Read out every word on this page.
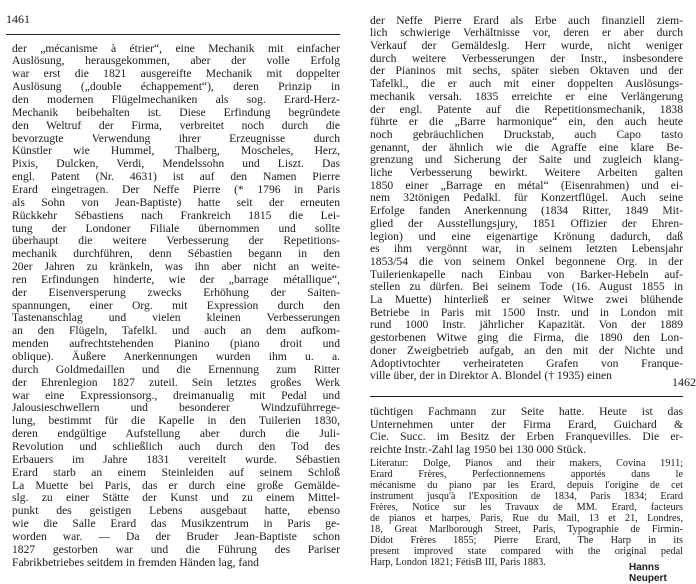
1461
der „mécanisme à étrier“, eine Mechanik mit einfacher
Auslösung, herausgekommen, aber der volle Erfolg
war erst die 1821 ausgereifte Mechanik mit doppelter
Auslösung („double échappement“), deren Prinzip in
den modernen Flügelmechaniken als sog. Erard-Herz-
Mechanik beibehalten ist. Diese Erfindung begründete
den Weltruf der Firma, verbreitet noch durch die
bevorzugte Verwendung ihrer Erzeugnisse durch
Künstler wie Hummel, Thalberg, Moscheles, Herz,
Pixis, Dulcken, Verdi, Mendelssohn und Liszt. Das
engl. Patent (Nr. 4631) ist auf den Namen Pierre
Erard eingetragen. Der Neffe Pierre (* 1796 in Paris
als Sohn von Jean-Baptiste) hatte seit der erneuten
Rückkehr Sébastiens nach Frankreich 1815 die Lei-
tung der Londoner Filiale übernommen und sollte
überhaupt die weitere Verbesserung der Repetitions-
mechanik durchführen, denn Sébastien begann in den
20er Jahren zu kränkeln, was ihn aber nicht an weite-
ren Erfindungen hinderte, wie der „barrage métallique“,
der Eisenversperung zwecks Erhöhung der Saiten-
spannungen, einer Org. mit Expression durch den
Tastenanschlag und vielen kleinen Verbesserungen
an den Flügeln, Tafelkl. und auch an dem aufkom-
menden aufrechtstehenden Pianino (piano droit und
oblique). Äußere Anerkennungen wurden ihm u. a.
durch Goldmedaillen und die Ernennung zum Ritter
der Ehrenlegion 1827 zuteil. Sein letztes großes Werk
war eine Expressionsorg., dreimanualig mit Pedal und
Jalousieschwellern und besonderer Windzuführrege-
lung, bestimmt für die Kapelle in den Tuilerien 1830,
deren endgültige Aufstellung aber durch die Juli-
Revolution und schließlich auch durch den Tod des
Erbauers im Jahre 1831 vereitelt wurde. Sébastien
Erard starb an einem Steinleiden auf seinem Schloß
La Muette bei Paris, das er durch eine große Gemälde-
slg. zu einer Stätte der Kunst und zu einem Mittel-
punkt des geistigen Lebens ausgebaut hatte, ebenso
wie die Salle Erard das Musikzentrum in Paris ge-
worden war. — Da der Bruder Jean-Baptiste schon
1827 gestorben war und die Führung des Pariser
Fabrikbetriebes seitdem in fremden Händen lag, fand
der Neffe Pierre Erard als Erbe auch finanziell ziem-
lich schwierige Verhältnisse vor, deren er aber durch
Verkauf der Gemäldeslg. Herr wurde, nicht weniger
durch weitere Verbesserungen der Instr., insbesondere
der Pianinos mit sechs, später sieben Oktaven und der
Tafelkl., die er auch mit einer doppelten Auslösungs-
mechanik versah. 1835 erreichte er eine Verlängerung
der engl. Patente auf die Repetitionsmechanik, 1838
führte er die „Barre harmonique“ ein, den auch heute
noch gebräuchlichen Druckstab, auch Capo tasto
genannt, der ähnlich wie die Agraffe eine klare Be-
grenzung und Sicherung der Saite und zugleich klang-
liche Verbesserung bewirkt. Weitere Arbeiten galten
1850 einer „Barrage en métal“ (Eisenrahmen) und ei-
nem 32tönigen Pedalkl. für Konzertflügel. Auch seine
Erfolge fanden Anerkennung (1834 Ritter, 1849 Mit-
glied der Ausstellungsjury, 1851 Offizier der Ehren-
legion) und eine eigenartige Krönung dadurch, daß
es ihm vergönnt war, in seinem letzten Lebensjahr
1853/54 die von seinem Onkel begonnene Org. in der
Tuilerienkapelle nach Einbau von Barker-Hebeln auf-
stellen zu dürfen. Bei seinem Tode (16. August 1855 in
La Muette) hinterließ er seiner Witwe zwei blühende
Betriebe in Paris mit 1500 Instr. und in London mit
rund 1000 Instr. jährlicher Kapazität. Von der 1889
gestorbenen Witwe ging die Firma, die 1890 den Lon-
doner Zweigbetrieb aufgab, an den mit der Nichte und
Adoptivtochter verheirateten Grafen von Franque-
ville über, der in Direktor A. Blondel († 1935) einen	1462
tüchtigen Fachmann zur Seite hatte. Heute ist das
Unternehmen unter der Firma Erard, Guichard &
Cie. Succ. im Besitz der Erben Franquevilles. Die er-
reichte Instr.-Zahl lag 1950 bei 130 000 Stück.
Literatur: Dolge, Pianos and their makers, Covina 1911;
Erard Frères, Perfectionnemens apportés dans le
mécanisme du piano par les Erard, depuis l'origine de cet
instrument jusqu'à l'Exposition de 1834, Paris 1834; Erard
Frères, Notice sur les Travaux de MM. Erard, facteurs
de pianos et harpes, Paris, Rue du Mail, 13 et 21, Londres,
18, Great Marlborough Street, Paris, Typographie de Firmin-
Didot Frères 1855; Pierre Erard, The Harp in its
present improved state compared with the original pedal
Harp, London 1821; FétisB III, Paris 1883.	Hanns Neupert
